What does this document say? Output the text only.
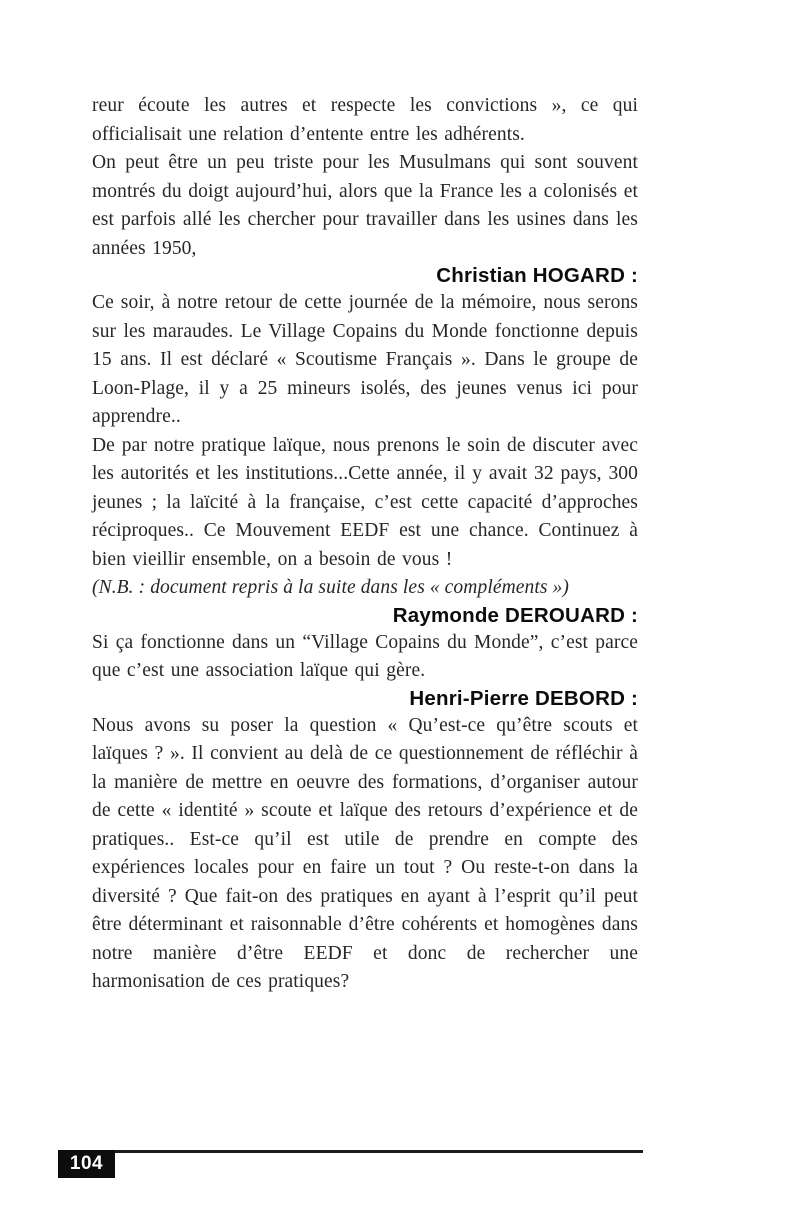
reur écoute les autres et respecte les convictions », ce qui officialisait une relation d’entente entre les adhérents.

On peut être un peu triste pour les Musulmans qui sont souvent montrés du doigt aujourd’hui, alors que la France les a colonisés et est parfois allé les chercher pour travailler dans les usines dans les années 1950,

Christian HOGARD :

Ce soir, à notre retour de cette journée de la mémoire, nous serons sur les maraudes. Le Village Copains du Monde fonctionne depuis 15 ans. Il est déclaré « Scoutisme Français ». Dans le groupe de Loon-Plage, il y a 25 mineurs isolés, des jeunes venus ici pour apprendre..

De par notre pratique laïque, nous prenons le soin de discuter avec les autorités et les institutions...Cette année, il y avait 32 pays, 300 jeunes ; la laïcité à la française, c’est cette capacité d’approches réciproques.. Ce Mouvement EEDF est une chance. Continuez à bien vieillir ensemble, on a besoin de vous !

(N.B. : document repris à la suite dans les « compléments »)

Raymonde DEROUARD :

Si ça fonctionne dans un “Village Copains du Monde”, c’est parce que c’est une association laïque qui gère.

Henri-Pierre DEBORD :

Nous avons su poser la question « Qu’est-ce qu’être scouts et laïques ? ». Il convient au delà de ce questionnement de réfléchir à la manière de mettre en oeuvre des formations, d’organiser autour de cette « identité » scoute et laïque des retours d’expérience et de pratiques.. Est-ce qu’il est utile de prendre en compte des expériences locales pour en faire un tout ? Ou reste-t-on dans la diversité ? Que fait-on des pratiques en ayant à l’esprit qu’il peut être déterminant et raisonnable d’être cohérents et homogènes dans notre manière d’être EEDF et donc de rechercher une harmonisation de ces pratiques?

104
